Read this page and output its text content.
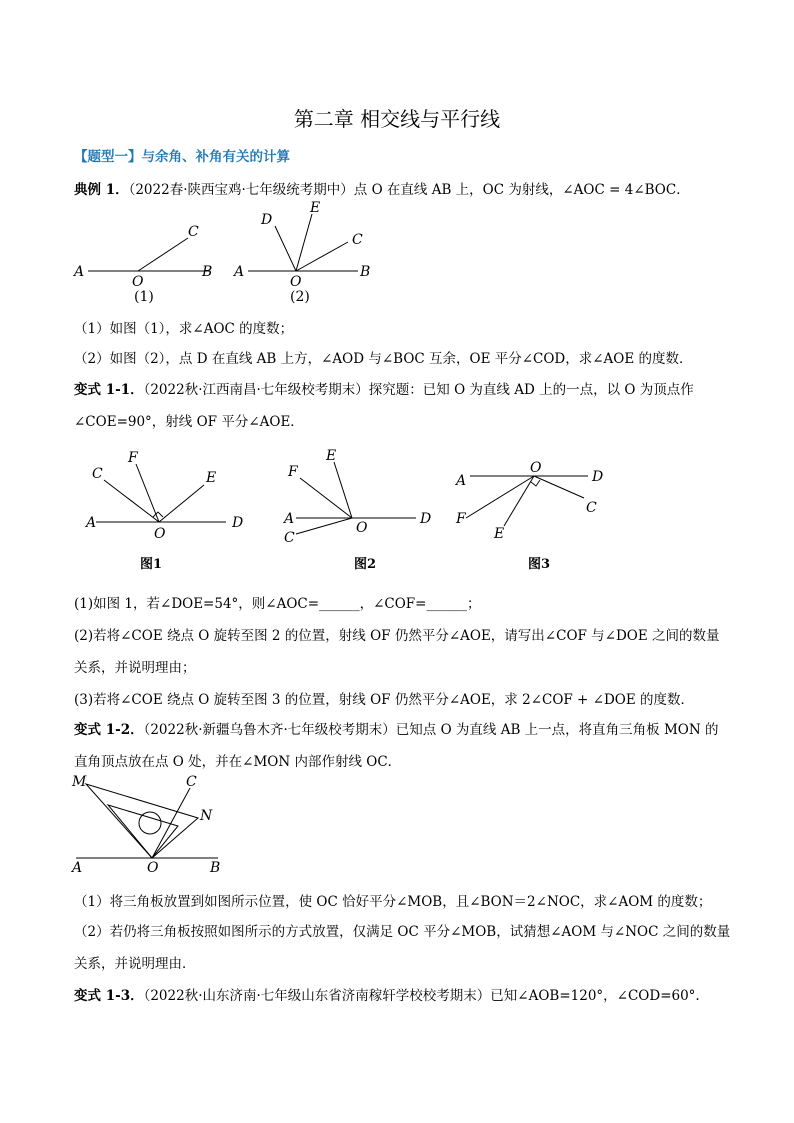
第二章 相交线与平行线
【题型一】与余角、补角有关的计算
典例 1．（2022春·陕西宝鸡·七年级统考期中）点 O 在直线 AB 上，OC 为射线，∠AOC = 4∠BOC．
A
O
B
C
(1)
A
O
B
C
D
E
(2)
（1）如图（1），求∠AOC 的度数；
（2）如图（2），点 D 在直线 AB 上方，∠AOD 与∠BOC 互余，OE 平分∠COD，求∠AOE 的度数．
变式 1-1．（2022秋·江西南昌·七年级校考期末）探究题：已知 O 为直线 AD 上的一点，以 O 为顶点作
∠COE=90°，射线 OF 平分∠AOE．
A
O
D
C
F
E
图1
A
O
D
C
F
E
图2
A
O
D
C
F
E
图3
(1)如图 1，若∠DOE=54°，则∠AOC=______，∠COF=______；
(2)若将∠COE 绕点 O 旋转至图 2 的位置，射线 OF 仍然平分∠AOE，请写出∠COF 与∠DOE 之间的数量
关系，并说明理由；
(3)若将∠COE 绕点 O 旋转至图 3 的位置，射线 OF 仍然平分∠AOE，求 2∠COF + ∠DOE 的度数．
变式 1-2．（2022秋·新疆乌鲁木齐·七年级校考期末）已知点 O 为直线 AB 上一点，将直角三角板 MON 的
直角顶点放在点 O 处，并在∠MON 内部作射线 OC．
M	C
N
A	O	B
（1）将三角板放置到如图所示位置，使 OC 恰好平分∠MOB，且∠BON＝2∠NOC，求∠AOM 的度数；
（2）若仍将三角板按照如图所示的方式放置，仅满足 OC 平分∠MOB，试猜想∠AOM 与∠NOC 之间的数量
关系，并说明理由．
变式 1-3．（2022秋·山东济南·七年级山东省济南稼轩学校校考期末）已知∠AOB=120°，∠COD=60°.
